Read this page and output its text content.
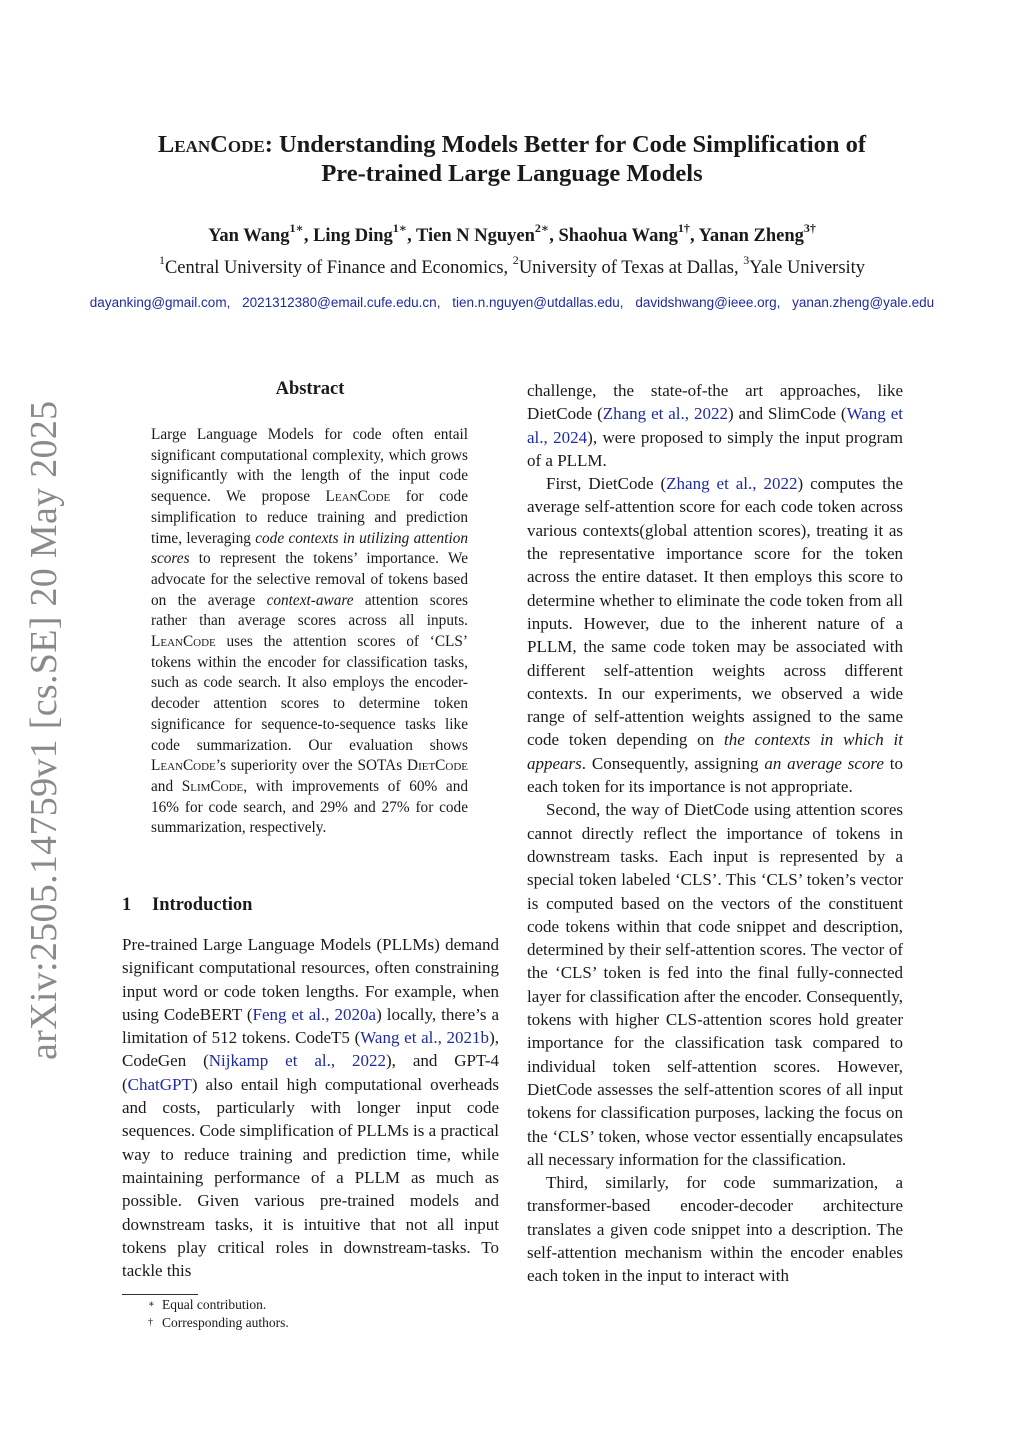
arXiv:2505.14759v1 [cs.SE] 20 May 2025
LeanCode: Understanding Models Better for Code Simplification of
Pre-trained Large Language Models
Yan Wang$^{1∗}$, Ling Ding$^{1∗}$, Tien N Nguyen$^{2∗}$, Shaohua Wang$^{1\dagger}$, Yanan Zheng$^{3\dagger}$
$^1$Central University of Finance and Economics, $^2$University of Texas at Dallas, $^3$Yale University
dayanking@gmail.com, 2021312380@email.cufe.edu.cn, tien.n.nguyen@utdallas.edu, davidshwang@ieee.org, yanan.zheng@yale.edu
Abstract
Large Language Models for code often entail significant computational complexity, which grows significantly with the length of the input code sequence. We propose LeanCode for code simplification to reduce training and prediction time, leveraging code contexts in utilizing attention scores to represent the tokens’ importance. We advocate for the selective removal of tokens based on the average context-aware attention scores rather than average scores across all inputs. LeanCode uses the attention scores of ‘CLS’ tokens within the encoder for classification tasks, such as code search. It also employs the encoder-decoder attention scores to determine token significance for sequence-to-sequence tasks like code summarization. Our evaluation shows LeanCode’s superiority over the SOTAs DietCode and SlimCode, with improvements of 60% and 16% for code search, and 29% and 27% for code summarization, respectively.
1 Introduction
Pre-trained Large Language Models (PLLMs) demand significant computational resources, often constraining input word or code token lengths. For example, when using CodeBERT (Feng et al., 2020a) locally, there’s a limitation of 512 tokens. CodeT5 (Wang et al., 2021b), CodeGen (Nijkamp et al., 2022), and GPT-4 (ChatGPT) also entail high computational overheads and costs, particularly with longer input code sequences. Code simplification of PLLMs is a practical way to reduce training and prediction time, while maintaining performance of a PLLM as much as possible. Given various pre-trained models and downstream tasks, it is intuitive that not all input tokens play critical roles in downstream-tasks. To tackle this
∗ Equal contribution.
† Corresponding authors.

challenge, the state-of-the art approaches, like DietCode (Zhang et al., 2022) and SlimCode (Wang et al., 2024), were proposed to simply the input program of a PLLM.

First, DietCode (Zhang et al., 2022) computes the average self-attention score for each code token across various contexts(global attention scores), treating it as the representative importance score for the token across the entire dataset. It then employs this score to determine whether to eliminate the code token from all inputs. However, due to the inherent nature of a PLLM, the same code token may be associated with different self-attention weights across different contexts. In our experiments, we observed a wide range of self-attention weights assigned to the same code token depending on the contexts in which it appears. Consequently, assigning an average score to each token for its importance is not appropriate.

Second, the way of DietCode using attention scores cannot directly reflect the importance of tokens in downstream tasks. Each input is represented by a special token labeled ‘CLS’. This ‘CLS’ token’s vector is computed based on the vectors of the constituent code tokens within that code snippet and description, determined by their self-attention scores. The vector of the ‘CLS’ token is fed into the final fully-connected layer for classification after the encoder. Consequently, tokens with higher CLS-attention scores hold greater importance for the classification task compared to individual token self-attention scores. However, DietCode assesses the self-attention scores of all input tokens for classification purposes, lacking the focus on the ‘CLS’ token, whose vector essentially encapsulates all necessary information for the classification.

Third, similarly, for code summarization, a transformer-based encoder-decoder architecture translates a given code snippet into a description. The self-attention mechanism within the encoder enables each token in the input to interact with
